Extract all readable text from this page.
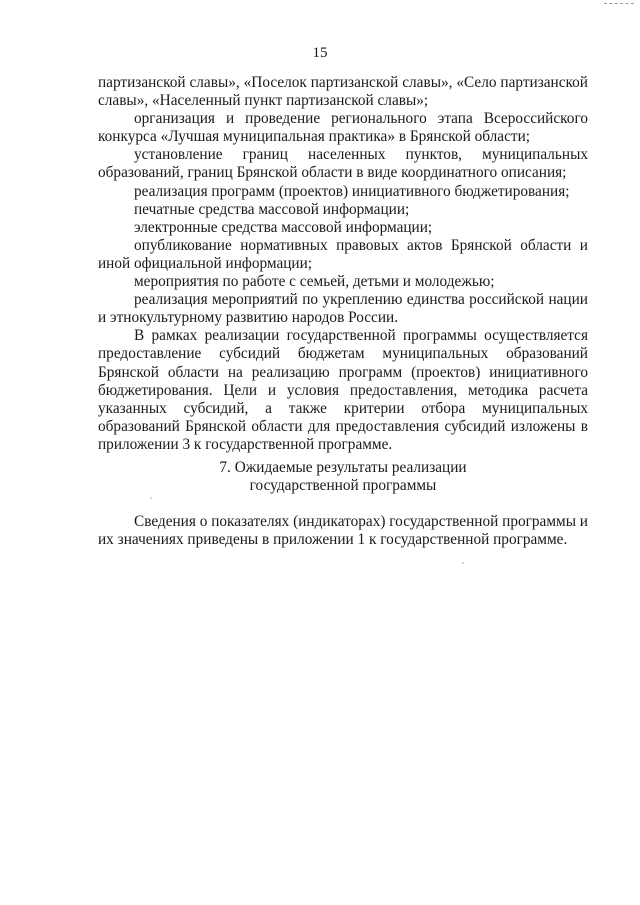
15

партизанской славы», «Поселок партизанской славы», «Село партизанской славы», «Населенный пункт партизанской славы»;

организация и проведение регионального этапа Всероссийского конкурса «Лучшая муниципальная практика» в Брянской области;

установление границ населенных пунктов, муниципальных образований, границ Брянской области в виде координатного описания;

реализация программ (проектов) инициативного бюджетирования;

печатные средства массовой информации;

электронные средства массовой информации;

опубликование нормативных правовых актов Брянской области и иной официальной информации;

мероприятия по работе с семьей, детьми и молодежью;

реализация мероприятий по укреплению единства российской нации и этнокультурному развитию народов России.

В рамках реализации государственной программы осуществляется предоставление субсидий бюджетам муниципальных образований Брянской области на реализацию программ (проектов) инициативного бюджетирования. Цели и условия предоставления, методика расчета указанных субсидий, а также критерии отбора муниципальных образований Брянской области для предоставления субсидий изложены в приложении 3 к государственной программе.

7. Ожидаемые результаты реализации
государственной программы

Сведения о показателях (индикаторах) государственной программы и их значениях приведены в приложении 1 к государственной программе.
